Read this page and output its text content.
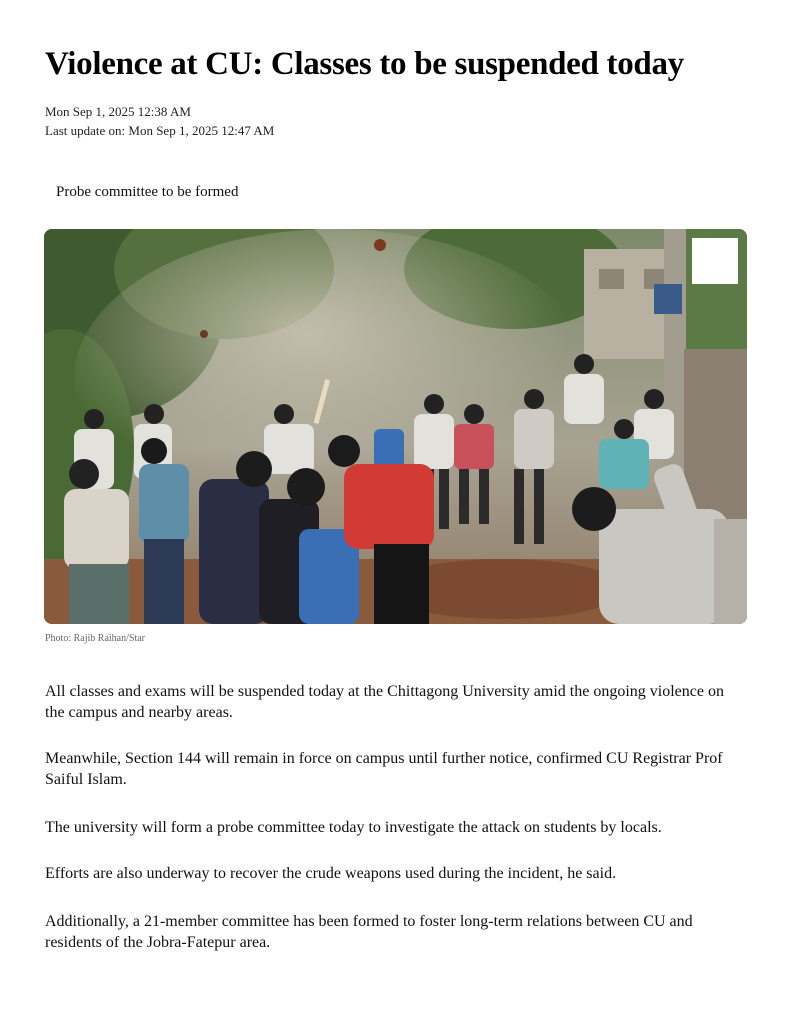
Violence at CU: Classes to be suspended today
Mon Sep 1, 2025 12:38 AM
Last update on: Mon Sep 1, 2025 12:47 AM
Probe committee to be formed
Photo: Rajib Raihan/Star

All classes and exams will be suspended today at the Chittagong University amid the ongoing violence on the campus and nearby areas.

Meanwhile, Section 144 will remain in force on campus until further notice, confirmed CU Registrar Prof Saiful Islam.

The university will form a probe committee today to investigate the attack on students by locals.

Efforts are also underway to recover the crude weapons used during the incident, he said.

Additionally, a 21-member committee has been formed to foster long-term relations between CU and residents of the Jobra-Fatepur area.
